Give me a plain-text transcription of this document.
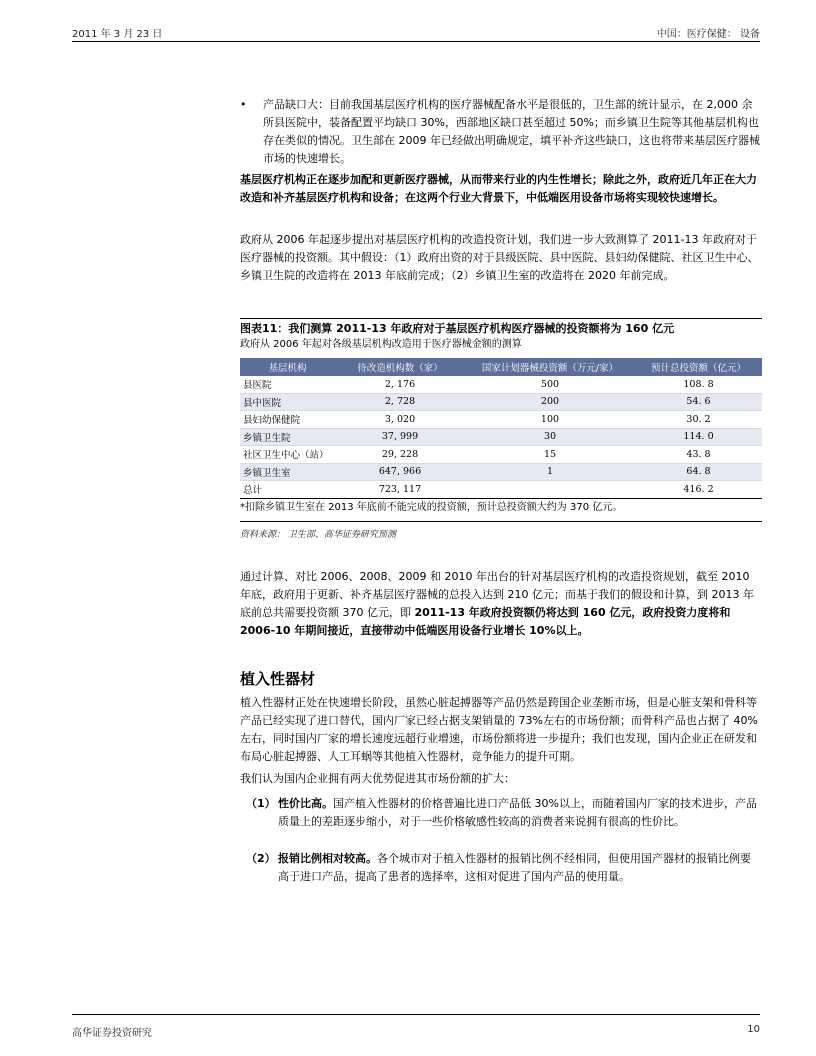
2011 年 3 月 23 日	中国：医疗保健： 设备
•	产品缺口大：目前我国基层医疗机构的医疗器械配备水平是很低的，卫生部的统计显示，在 2,000 余所县医院中，装备配置平均缺口 30%，西部地区缺口甚至超过 50%；而乡镇卫生院等其他基层机构也存在类似的情况。卫生部在 2009 年已经做出明确规定，填平补齐这些缺口，这也将带来基层医疗器械市场的快速增长。
基层医疗机构正在逐步加配和更新医疗器械，从而带来行业的内生性增长；除此之外，政府近几年正在大力改造和补齐基层医疗机构和设备；在这两个行业大背景下，中低端医用设备市场将实现较快速增长。
政府从 2006 年起逐步提出对基层医疗机构的改造投资计划，我们进一步大致测算了 2011-13 年政府对于医疗器械的投资额。其中假设：（1）政府出资的对于县级医院、县中医院、县妇幼保健院、社区卫生中心、乡镇卫生院的改造将在 2013 年底前完成；（2）乡镇卫生室的改造将在 2020 年前完成。
图表11：我们测算 2011-13 年政府对于基层医疗机构医疗器械的投资额将为 160 亿元
政府从 2006 年起对各级基层机构改造用于医疗器械金额的测算
基层机构	待改造机构数（家）	国家计划器械投资额（万元/家）	预计总投资额（亿元）
县医院	2, 176	500	108. 8
县中医院	2, 728	200	54. 6
县妇幼保健院	3, 020	100	30. 2
乡镇卫生院	37, 999	30	114. 0
社区卫生中心（站）	29, 228	15	43. 8
乡镇卫生室	647, 966	1	64. 8
总计	723, 117		416. 2
*扣除乡镇卫生室在 2013 年底前不能完成的投资额，预计总投资额大约为 370 亿元。
资料来源： 卫生部、高华证券研究预测
通过计算、对比 2006、2008、2009 和 2010 年出台的针对基层医疗机构的改造投资规划，截至 2010 年底，政府用于更新、补齐基层医疗器械的总投入达到 210 亿元；而基于我们的假设和计算，到 2013 年底前总共需要投资额 370 亿元，即 2011-13 年政府投资额仍将达到 160 亿元，政府投资力度将和 2006-10 年期间接近，直接带动中低端医用设备行业增长 10%以上。
植入性器材
植入性器材正处在快速增长阶段，虽然心脏起搏器等产品仍然是跨国企业垄断市场，但是心脏支架和骨科等产品已经实现了进口替代，国内厂家已经占据支架销量的 73%左右的市场份额；而骨科产品也占据了 40%左右，同时国内厂家的增长速度远超行业增速，市场份额将进一步提升；我们也发现，国内企业正在研发和布局心脏起搏器、人工耳蜗等其他植入性器材，竞争能力的提升可期。
我们认为国内企业拥有两大优势促进其市场份额的扩大：
（1） 性价比高。国产植入性器材的价格普遍比进口产品低 30%以上，而随着国内厂家的技术进步，产品质量上的差距逐步缩小，对于一些价格敏感性较高的消费者来说拥有很高的性价比。
（2） 报销比例相对较高。各个城市对于植入性器材的报销比例不经相同，但使用国产器材的报销比例要高于进口产品，提高了患者的选择率，这相对促进了国内产品的使用量。
高华证券投资研究	10
